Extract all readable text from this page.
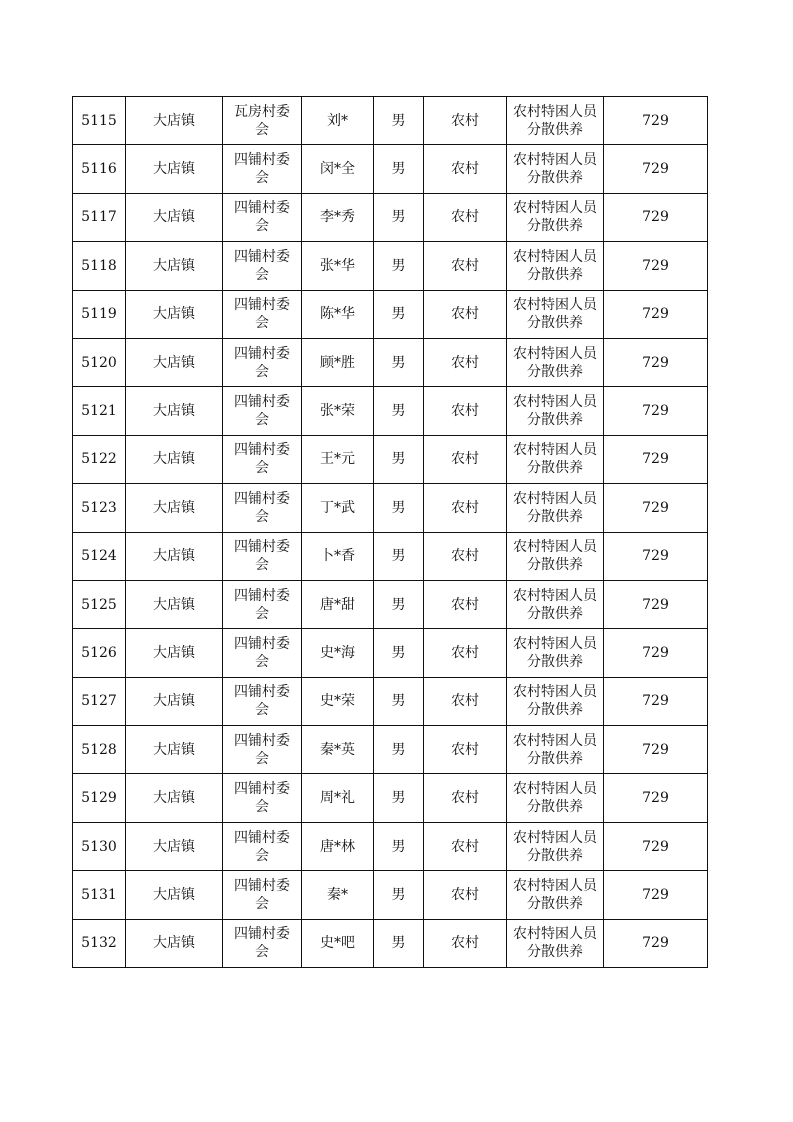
5115	大店镇	瓦房村委会	刘*	男	农村	农村特困人员分散供养	729
5116	大店镇	四铺村委会	闵*全	男	农村	农村特困人员分散供养	729
5117	大店镇	四铺村委会	李*秀	男	农村	农村特困人员分散供养	729
5118	大店镇	四铺村委会	张*华	男	农村	农村特困人员分散供养	729
5119	大店镇	四铺村委会	陈*华	男	农村	农村特困人员分散供养	729
5120	大店镇	四铺村委会	顾*胜	男	农村	农村特困人员分散供养	729
5121	大店镇	四铺村委会	张*荣	男	农村	农村特困人员分散供养	729
5122	大店镇	四铺村委会	王*元	男	农村	农村特困人员分散供养	729
5123	大店镇	四铺村委会	丁*武	男	农村	农村特困人员分散供养	729
5124	大店镇	四铺村委会	卜*香	男	农村	农村特困人员分散供养	729
5125	大店镇	四铺村委会	唐*甜	男	农村	农村特困人员分散供养	729
5126	大店镇	四铺村委会	史*海	男	农村	农村特困人员分散供养	729
5127	大店镇	四铺村委会	史*荣	男	农村	农村特困人员分散供养	729
5128	大店镇	四铺村委会	秦*英	男	农村	农村特困人员分散供养	729
5129	大店镇	四铺村委会	周*礼	男	农村	农村特困人员分散供养	729
5130	大店镇	四铺村委会	唐*林	男	农村	农村特困人员分散供养	729
5131	大店镇	四铺村委会	秦*	男	农村	农村特困人员分散供养	729
5132	大店镇	四铺村委会	史*吧	男	农村	农村特困人员分散供养	729
